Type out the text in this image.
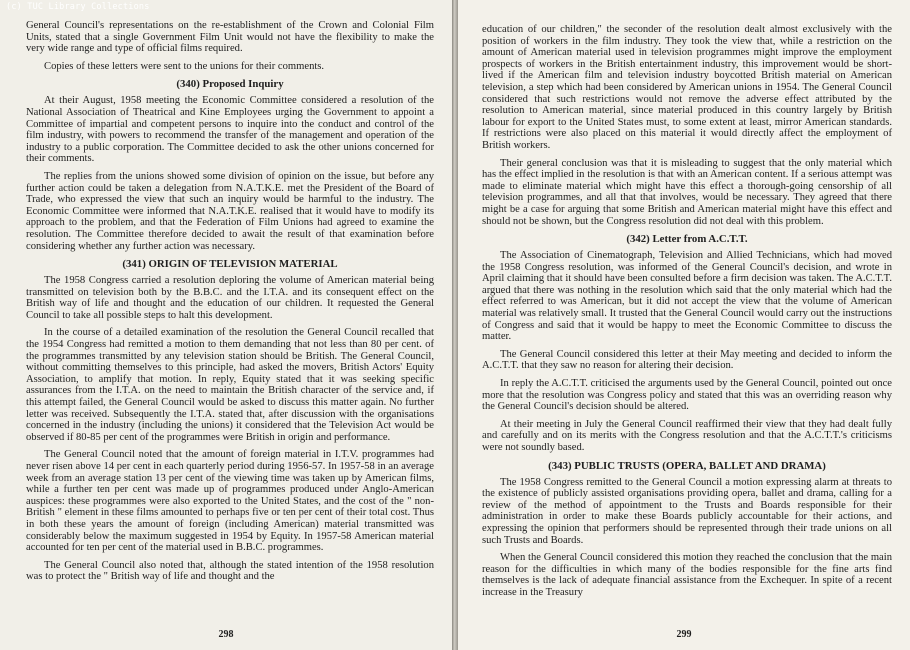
(c) TUC Library Collections

General Council's representations on the re-establishment of the Crown and Colonial Film Units, stated that a single Government Film Unit would not have the flexibility to make the very wide range and type of official films required.

Copies of these letters were sent to the unions for their comments.

(340) Proposed Inquiry

At their August, 1958 meeting the Economic Committee considered a resolution of the National Association of Theatrical and Kine Employees urging the Government to appoint a Committee of impartial and competent persons to inquire into the conduct and control of the film industry, with powers to recommend the transfer of the management and operation of the industry to a public corporation. The Committee decided to ask the other unions concerned for their comments.

The replies from the unions showed some division of opinion on the issue, but before any further action could be taken a delegation from N.A.T.K.E. met the President of the Board of Trade, who expressed the view that such an inquiry would be harmful to the industry. The Economic Committee were informed that N.A.T.K.E. realised that it would have to modify its approach to the problem, and that the Federation of Film Unions had agreed to examine the resolution. The Committee therefore decided to await the result of that examination before considering whether any further action was necessary.

(341) ORIGIN OF TELEVISION MATERIAL

The 1958 Congress carried a resolution deploring the volume of American material being transmitted on television both by the B.B.C. and the I.T.A. and its consequent effect on the British way of life and thought and the education of our children. It requested the General Council to take all possible steps to halt this development.

In the course of a detailed examination of the resolution the General Council recalled that the 1954 Congress had remitted a motion to them demanding that not less than 80 per cent. of the programmes transmitted by any television station should be British. The General Council, without committing themselves to this principle, had asked the movers, British Actors' Equity Association, to amplify that motion. In reply, Equity stated that it was seeking specific assurances from the I.T.A. on the need to maintain the British character of the service and, if this attempt failed, the General Council would be asked to discuss this matter again. No further letter was received. Subsequently the I.T.A. stated that, after discussion with the organisations concerned in the industry (including the unions) it considered that the Television Act would be observed if 80-85 per cent of the programmes were British in origin and performance.

The General Council noted that the amount of foreign material in I.T.V. programmes had never risen above 14 per cent in each quarterly period during 1956-57. In 1957-58 in an average week from an average station 13 per cent of the viewing time was taken up by American films, while a further ten per cent was made up of programmes produced under Anglo-American auspices: these programmes were also exported to the United States, and the cost of the " non-British " element in these films amounted to perhaps five or ten per cent of their total cost. Thus in both these years the amount of foreign (including American) material transmitted was considerably below the maximum suggested in 1954 by Equity. In 1957-58 American material accounted for ten per cent of the material used in B.B.C. programmes.

The General Council also noted that, although the stated intention of the 1958 resolution was to protect the " British way of life and thought and the

298

education of our children," the seconder of the resolution dealt almost exclusively with the position of workers in the film industry. They took the view that, while a restriction on the amount of American material used in television programmes might improve the employment prospects of workers in the British entertainment industry, this improvement would be short-lived if the American film and television industry boycotted British material on American television, a step which had been considered by American unions in 1954. The General Council considered that such restrictions would not remove the adverse effect attributed by the resolution to American material, since material produced in this country largely by British labour for export to the United States must, to some extent at least, mirror American standards. If restrictions were also placed on this material it would directly affect the employment of British workers.

Their general conclusion was that it is misleading to suggest that the only material which has the effect implied in the resolution is that with an American content. If a serious attempt was made to eliminate material which might have this effect a thorough-going censorship of all television programmes, and all that that involves, would be necessary. They agreed that there might be a case for arguing that some British and American material might have this effect and should not be shown, but the Congress resolution did not deal with this problem.

(342) Letter from A.C.T.T.

The Association of Cinematograph, Television and Allied Technicians, which had moved the 1958 Congress resolution, was informed of the General Council's decision, and wrote in April claiming that it should have been consulted before a firm decision was taken. The A.C.T.T. argued that there was nothing in the resolution which said that the only material which had the effect referred to was American, but it did not accept the view that the volume of American material was relatively small. It trusted that the General Council would carry out the instructions of Congress and said that it would be happy to meet the Economic Committee to discuss the matter.

The General Council considered this letter at their May meeting and decided to inform the A.C.T.T. that they saw no reason for altering their decision.

In reply the A.C.T.T. criticised the arguments used by the General Council, pointed out once more that the resolution was Congress policy and stated that this was an overriding reason why the General Council's decision should be altered.

At their meeting in July the General Council reaffirmed their view that they had dealt fully and carefully and on its merits with the Congress resolution and that the A.C.T.T.'s criticisms were not soundly based.

(343) PUBLIC TRUSTS (OPERA, BALLET AND DRAMA)

The 1958 Congress remitted to the General Council a motion expressing alarm at threats to the existence of publicly assisted organisations providing opera, ballet and drama, calling for a review of the method of appointment to the Trusts and Boards responsible for their administration in order to make these Boards publicly accountable for their actions, and expressing the opinion that performers should be represented through their trade unions on all such Trusts and Boards.

When the General Council considered this motion they reached the conclusion that the main reason for the difficulties in which many of the bodies responsible for the fine arts find themselves is the lack of adequate financial assistance from the Exchequer. In spite of a recent increase in the Treasury

299
